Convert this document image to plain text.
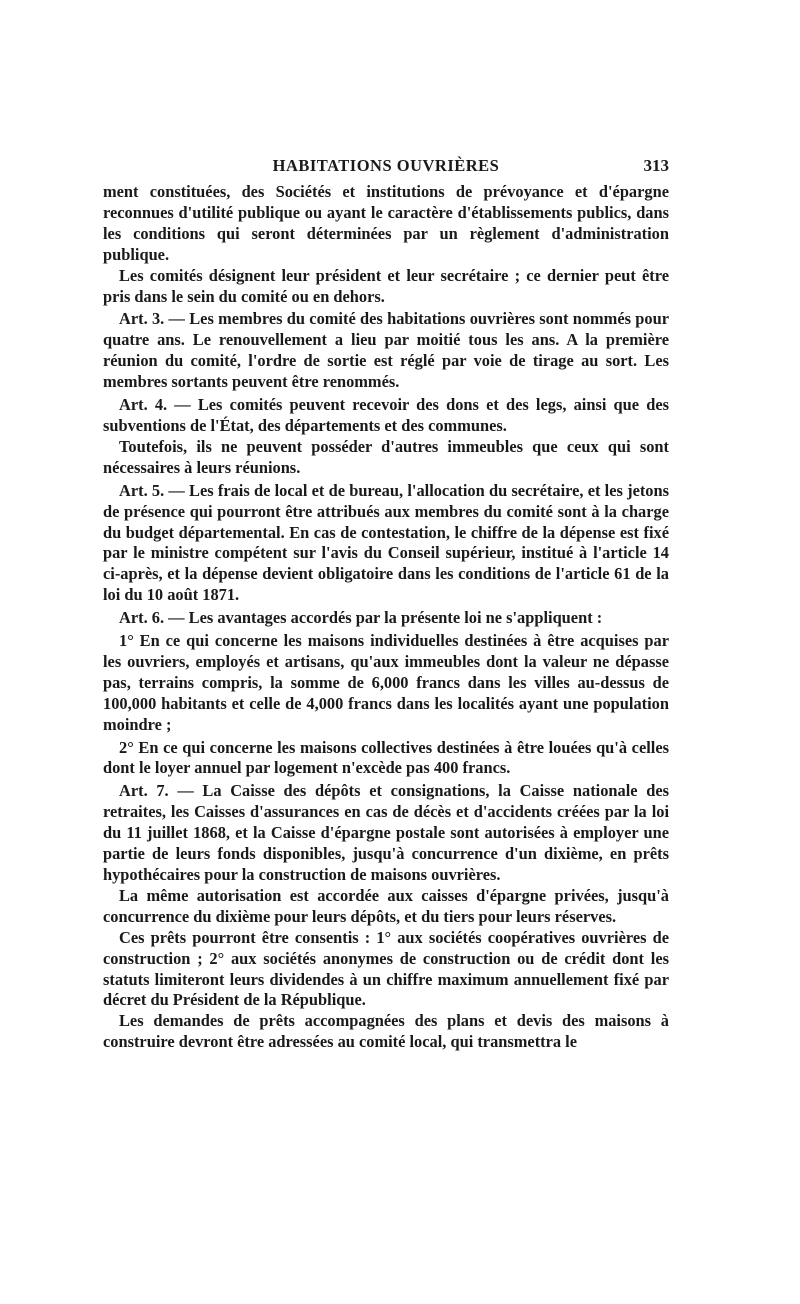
HABITATIONS OUVRIÈRES	313

ment constituées, des Sociétés et institutions de prévoyance et d'épargne reconnues d'utilité publique ou ayant le caractère d'établissements publics, dans les conditions qui seront déterminées par un règlement d'administration publique.

Les comités désignent leur président et leur secrétaire ; ce dernier peut être pris dans le sein du comité ou en dehors.

Art. 3. — Les membres du comité des habitations ouvrières sont nommés pour quatre ans. Le renouvellement a lieu par moitié tous les ans. A la première réunion du comité, l'ordre de sortie est réglé par voie de tirage au sort. Les membres sortants peuvent être renommés.

Art. 4. — Les comités peuvent recevoir des dons et des legs, ainsi que des subventions de l'État, des départements et des communes.

Toutefois, ils ne peuvent posséder d'autres immeubles que ceux qui sont nécessaires à leurs réunions.

Art. 5. — Les frais de local et de bureau, l'allocation du secrétaire, et les jetons de présence qui pourront être attribués aux membres du comité sont à la charge du budget départemental. En cas de contestation, le chiffre de la dépense est fixé par le ministre compétent sur l'avis du Conseil supérieur, institué à l'article 14 ci-après, et la dépense devient obligatoire dans les conditions de l'article 61 de la loi du 10 août 1871.

Art. 6. — Les avantages accordés par la présente loi ne s'appliquent :

1° En ce qui concerne les maisons individuelles destinées à être acquises par les ouvriers, employés et artisans, qu'aux immeubles dont la valeur ne dépasse pas, terrains compris, la somme de 6,000 francs dans les villes au-dessus de 100,000 habitants et celle de 4,000 francs dans les localités ayant une population moindre ;

2° En ce qui concerne les maisons collectives destinées à être louées qu'à celles dont le loyer annuel par logement n'excède pas 400 francs.

Art. 7. — La Caisse des dépôts et consignations, la Caisse nationale des retraites, les Caisses d'assurances en cas de décès et d'accidents créées par la loi du 11 juillet 1868, et la Caisse d'épargne postale sont autorisées à employer une partie de leurs fonds disponibles, jusqu'à concurrence d'un dixième, en prêts hypothécaires pour la construction de maisons ouvrières.

La même autorisation est accordée aux caisses d'épargne privées, jusqu'à concurrence du dixième pour leurs dépôts, et du tiers pour leurs réserves.

Ces prêts pourront être consentis : 1° aux sociétés coopératives ouvrières de construction ; 2° aux sociétés anonymes de construction ou de crédit dont les statuts limiteront leurs dividendes à un chiffre maximum annuellement fixé par décret du Président de la République.

Les demandes de prêts accompagnées des plans et devis des maisons à construire devront être adressées au comité local, qui transmettra le
